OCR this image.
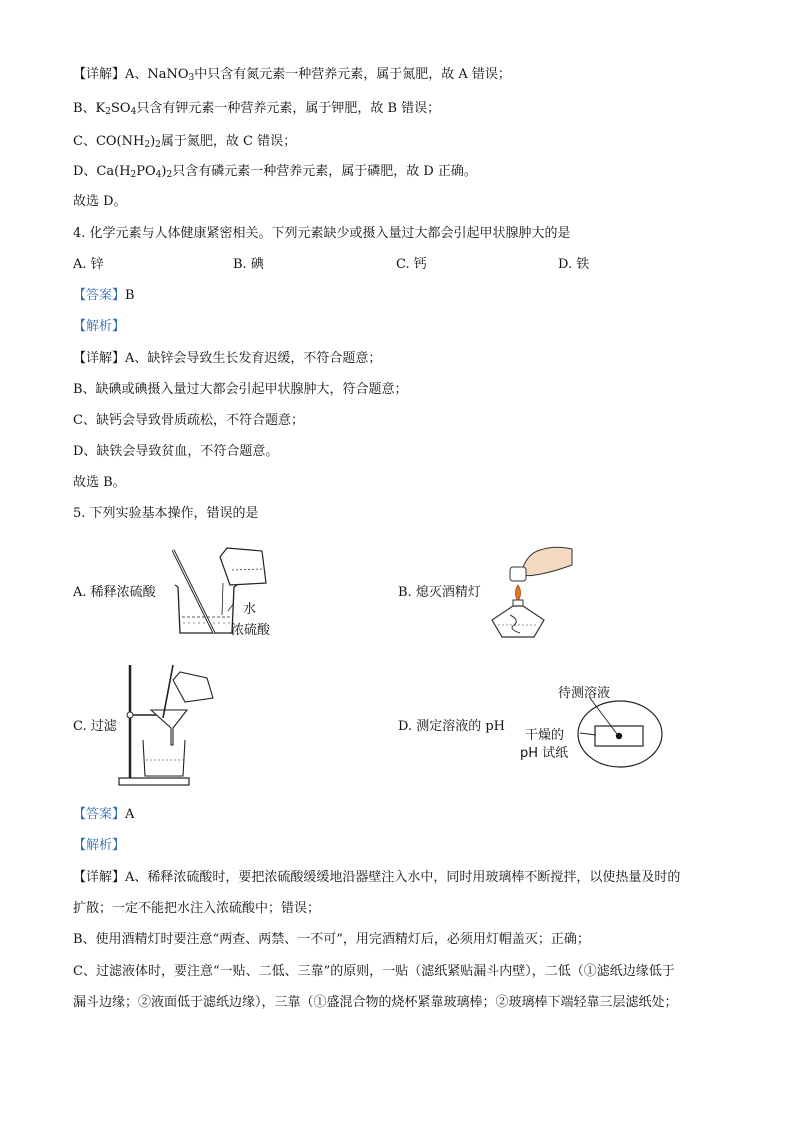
【详解】A、NaNO$_3$中只含有氮元素一种营养元素，属于氮肥，故 A 错误；
B、$K_2SO_4$只含有钾元素一种营养元素，属于钾肥，故 B 错误；
C、$CO(NH_2)_2$属于氮肥，故 C 错误；
D、$Ca(H_2PO_4)_2$只含有磷元素一种营养元素，属于磷肥，故 D 正确。
故选 D。
4. 化学元素与人体健康紧密相关。下列元素缺少或摄入量过大都会引起甲状腺肿大的是
A. 锌	B. 碘	C. 钙	D. 铁
【答案】B
【解析】
【详解】A、缺锌会导致生长发育迟缓，不符合题意；
B、缺碘或碘摄入量过大都会引起甲状腺肿大，符合题意；
C、缺钙会导致骨质疏松，不符合题意；
D、缺铁会导致贫血，不符合题意。
故选 B。
5. 下列实验基本操作，错误的是
A. 稀释浓硫酸	B. 熄灭酒精灯
C. 过滤	D. 测定溶液的 pH
水
浓硫酸
待测溶液
干燥的
pH 试纸
【答案】A
【解析】
【详解】A、稀释浓硫酸时，要把浓硫酸缓缓地沿器壁注入水中，同时用玻璃棒不断搅拌，以使热量及时的
扩散；一定不能把水注入浓硫酸中；错误；
B、使用酒精灯时要注意“两查、两禁、一不可”，用完酒精灯后，必须用灯帽盖灭；正确；
C、过滤液体时，要注意“一贴、二低、三靠”的原则，一贴（滤纸紧贴漏斗内壁），二低（①滤纸边缘低于
漏斗边缘；②液面低于滤纸边缘），三靠（①盛混合物的烧杯紧靠玻璃棒；②玻璃棒下端轻靠三层滤纸处；
